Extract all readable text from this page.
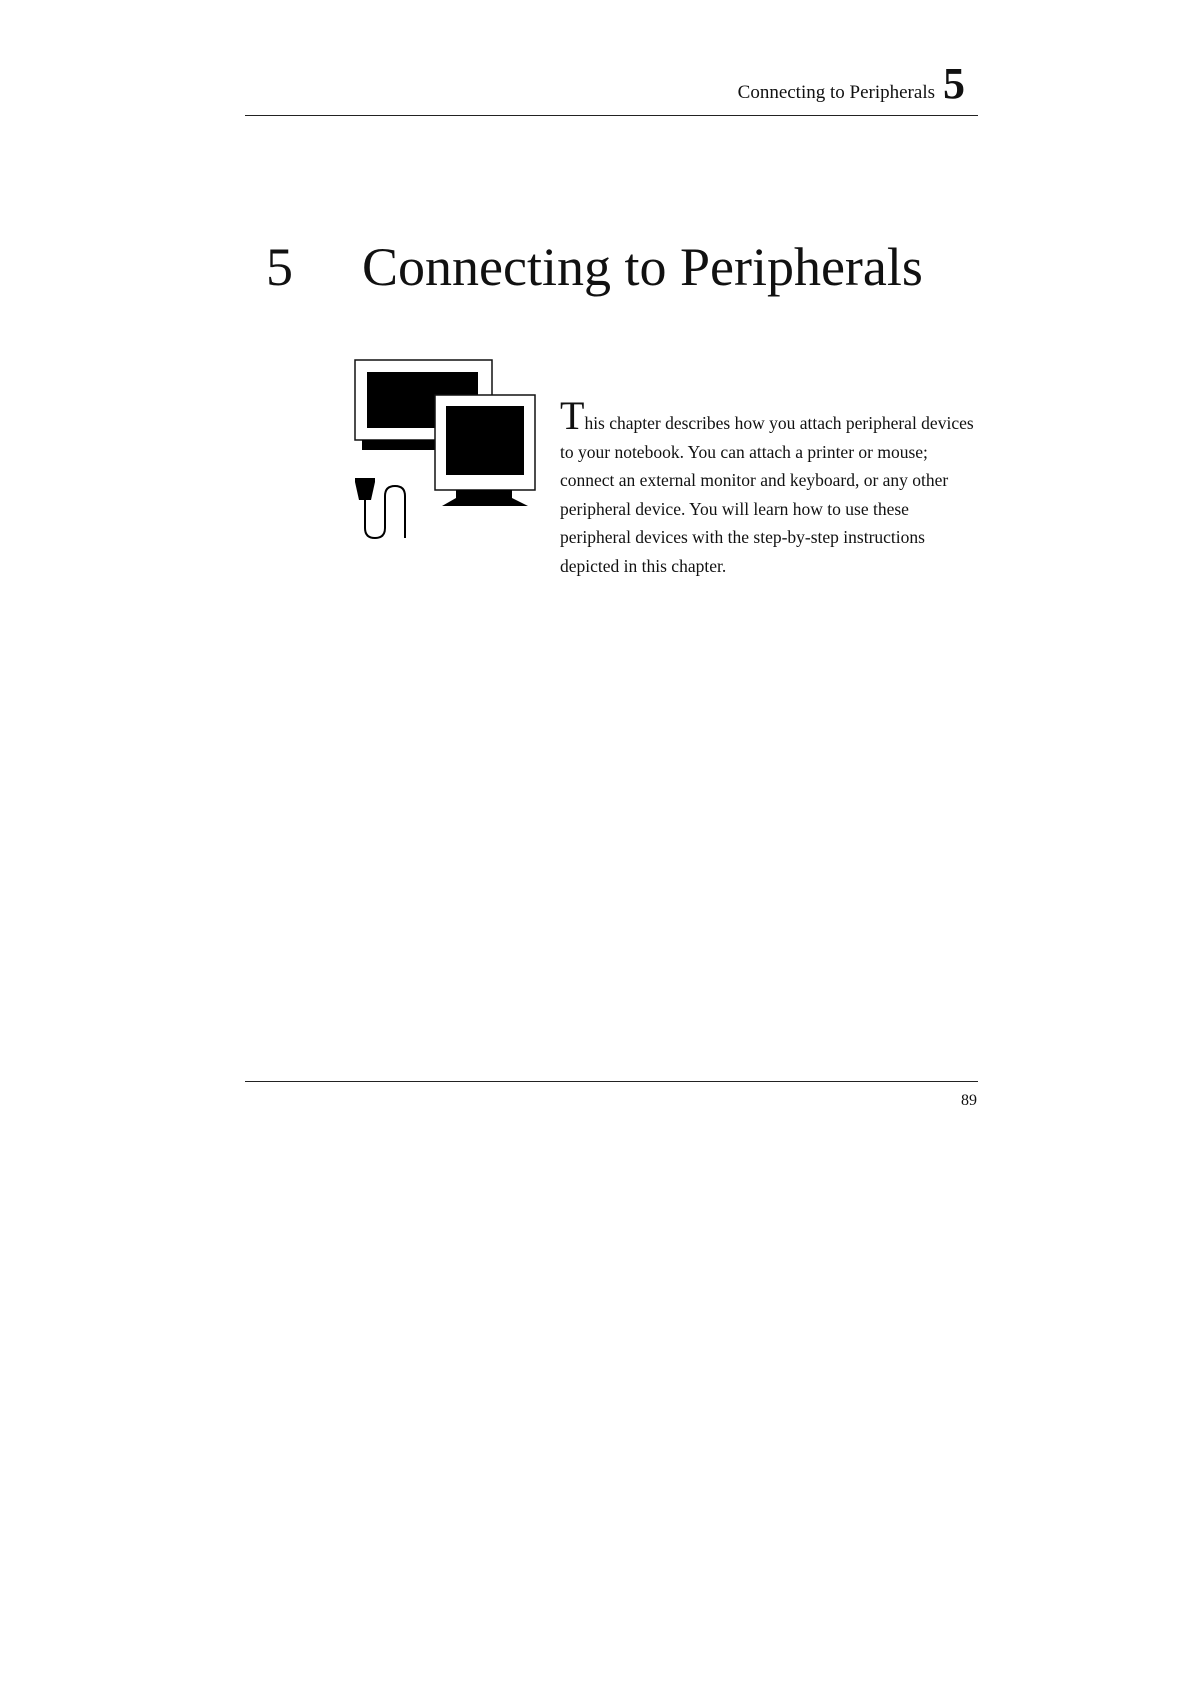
Connecting to Peripherals 5
5 Connecting to Peripherals

This chapter describes how you attach peripheral devices to your notebook. You can attach a printer or mouse; connect an external monitor and keyboard, or any other peripheral device. You will learn how to use these peripheral devices with the step-by-step instructions depicted in this chapter.

89
